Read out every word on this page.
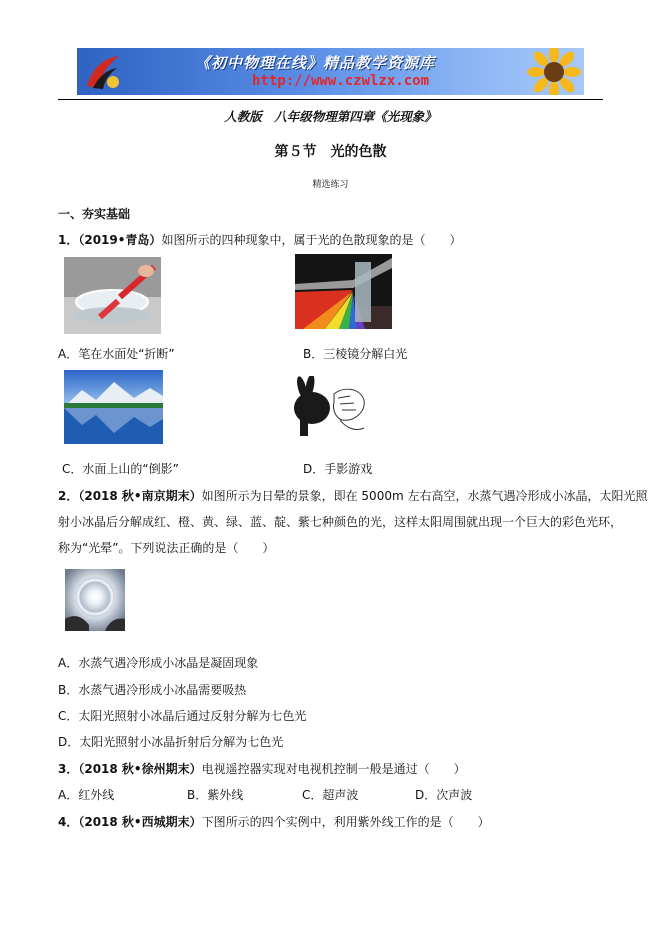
《初中物理在线》精品教学资源库
http://www.czwlzx.com
人教版　八年级物理第四章《光现象》
第５节　光的色散
精选练习
一、夯实基础
1．（2019•青岛）如图所示的四种现象中，属于光的色散现象的是（　　）
A．笔在水面处“折断”	B．三棱镜分解白光
C．水面上山的“倒影”	D．手影游戏
2．（2018 秋•南京期末）如图所示为日晕的景象，即在 5000m 左右高空，水蒸气遇冷形成小冰晶，太阳光照
射小冰晶后分解成红、橙、黄、绿、蓝、靛、紫七种颜色的光，这样太阳周围就出现一个巨大的彩色光环，
称为“光晕”。下列说法正确的是（　　）
A．水蒸气遇冷形成小冰晶是凝固现象
B．水蒸气遇冷形成小冰晶需要吸热
C．太阳光照射小冰晶后通过反射分解为七色光
D．太阳光照射小冰晶折射后分解为七色光
3．（2018 秋•徐州期末）电视遥控器实现对电视机控制一般是通过（　　）
A．红外线	B．紫外线	C．超声波	D．次声波
4．（2018 秋•西城期末）下图所示的四个实例中，利用紫外线工作的是（　　）
